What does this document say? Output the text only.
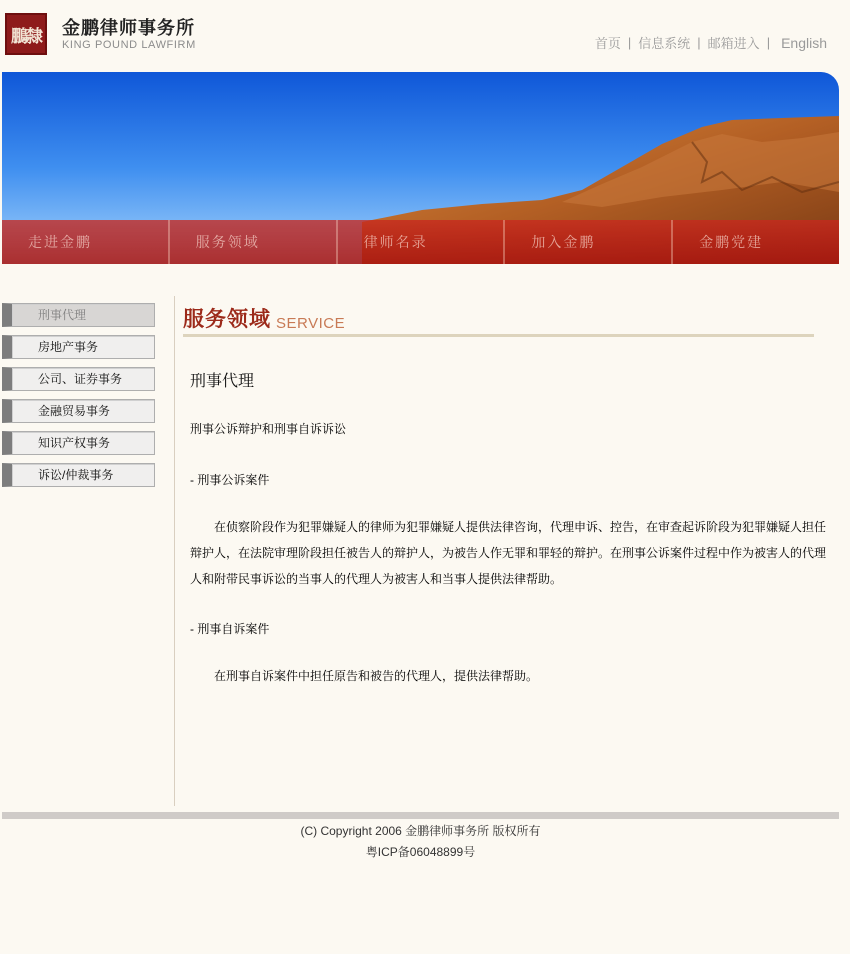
鵬隸	金鹏律师事务所
KING POUND LAWFIRM	首页 | 信息系统 | 邮箱进入 | English
走进金鹏	服务领域	律师名录	加入金鹏	金鹏党建
刑事代理
房地产事务
公司、证券事务
金融贸易事务
知识产权事务
诉讼/仲裁事务
服务领域 SERVICE

刑事代理

刑事公诉辩护和刑事自诉诉讼

- 刑事公诉案件

在侦察阶段作为犯罪嫌疑人的律师为犯罪嫌疑人提供法律咨询，代理申诉、控告，在审查起诉阶段为犯罪嫌疑人担任辩护人，在法院审理阶段担任被告人的辩护人，为被告人作无罪和罪轻的辩护。在刑事公诉案件过程中作为被害人的代理人和附带民事诉讼的当事人的代理人为被害人和当事人提供法律帮助。

- 刑事自诉案件

在刑事自诉案件中担任原告和被告的代理人，提供法律帮助。

(C) Copyright 2006 金鹏律师事务所 版权所有
粤ICP备06048899号
